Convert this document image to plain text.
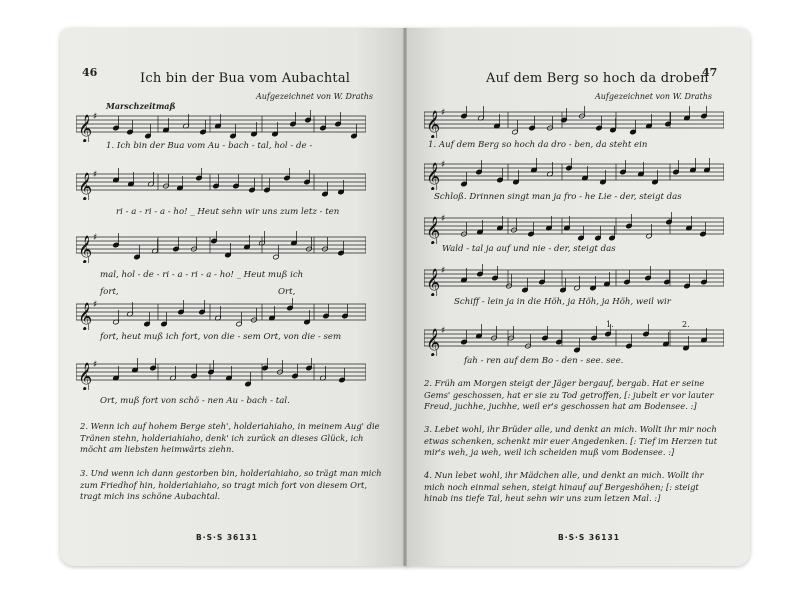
46	Ich bin der Bua vom Aubachtal
Aufgezeichnet von W. Draths
Marschzeitmaß
𝄞 ♯
1. Ich bin der Bua vom Au - bach - tal, hol - de -
𝄞 ♯
ri - a - ri - a - ho! _ Heut sehn wir uns zum letz - ten
𝄞 ♯
mal, hol - de - ri - a - ri - a - ho! _ Heut muß ich
fort,	Ort,
𝄞 ♯
fort, heut muß ich fort, von die - sem Ort, von die - sem
𝄞 ♯
Ort, muß fort von schö - nen Au - bach - tal.
2. Wenn ich auf hohem Berge steh', holderiahiaho, in meinem Aug' die Tränen stehn, holderiahiaho, denk' ich zurück an dieses Glück, ich möcht am liebsten heimwärts ziehn.
3. Und wenn ich dann gestorben bin, holderiahiaho, so trägt man mich zum Friedhof hin, holderiahiaho, so tragt mich fort von diesem Ort, tragt mich ins schöne Aubachtal.
B·S·S 36131
47
Auf dem Berg so hoch da droben
Aufgezeichnet von W. Draths
𝄞 ♯
1. Auf dem Berg so hoch da dro - ben, da steht ein
𝄞 ♯
Schloß. Drinnen singt man ja fro - he Lie - der, steigt das
𝄞 ♯
Wald - tal ja auf und nie - der, steigt das
𝄞 ♯
Schiff - lein ja in die Höh, ja Höh, ja Höh, weil wir
1.	2.
𝄞 ♯
fah - ren auf dem Bo - den - see. see.
2. Früh am Morgen steigt der Jäger bergauf, bergab. Hat er seine Gems' geschossen, hat er sie zu Tod getroffen, [: jubelt er vor lauter Freud, juchhe, juchhe, weil er's geschossen hat am Bodensee. :]
3. Lebet wohl, ihr Brüder alle, und denkt an mich. Wollt ihr mir noch etwas schenken, schenkt mir euer Angedenken. [: Tief im Herzen tut mir's weh, ja weh, weil ich scheiden muß vom Bodensee. :]
4. Nun lebet wohl, ihr Mädchen alle, und denkt an mich. Wollt ihr mich noch einmal sehen, steigt hinauf auf Bergeshöhen; [: steigt hinab ins tiefe Tal, heut sehn wir uns zum letzen Mal. :]
B·S·S 36131
